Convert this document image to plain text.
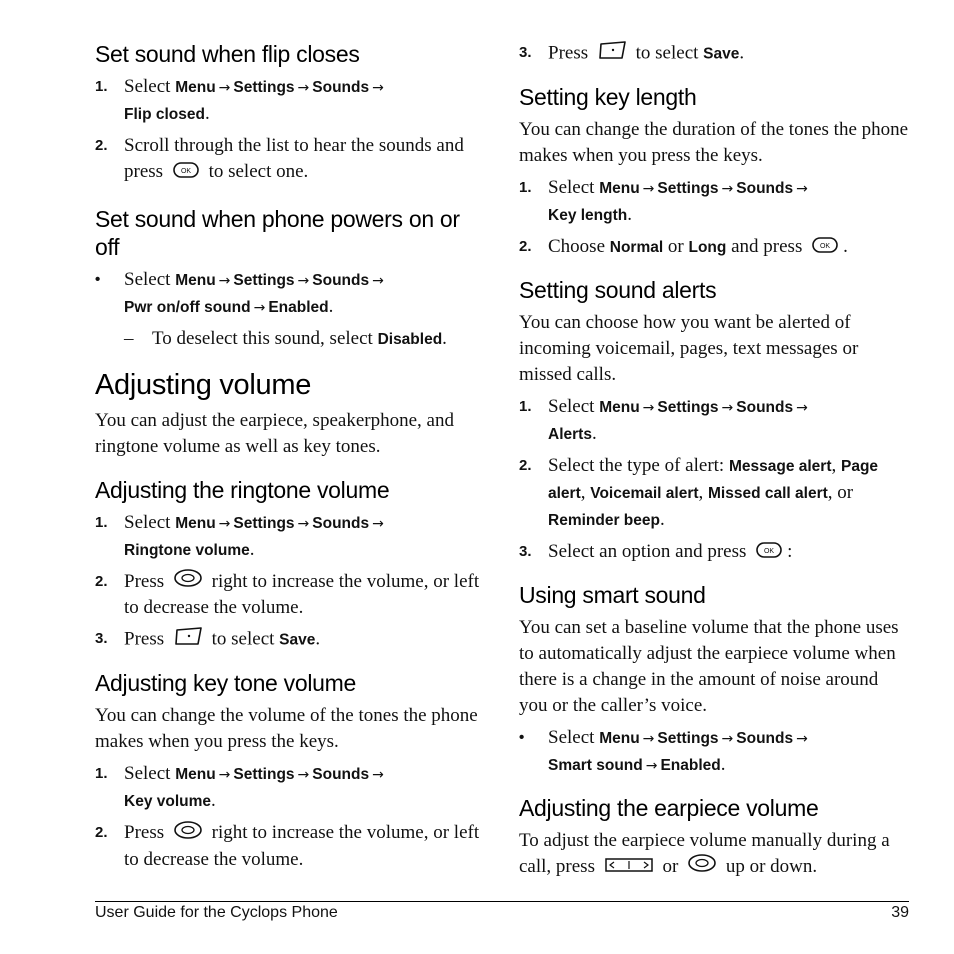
Set sound when flip closes
1. Select Menu → Settings → Sounds →
Flip closed.
2. Scroll through the list to hear the sounds and press	OK to select one.
Set sound when phone powers on or off
• Select Menu → Settings → Sounds →
Pwr on/off sound → Enabled.
– To deselect this sound, select Disabled.
Adjusting volume

You can adjust the earpiece, speakerphone, and ringtone volume as well as key tones.

Adjusting the ringtone volume
1. Select Menu → Settings → Sounds →
Ringtone volume.
2. Press	right to increase the volume, or left to decrease the volume.
3. Press	to select Save.
Adjusting key tone volume

You can change the volume of the tones the phone makes when you press the keys.

1. Select Menu → Settings → Sounds →
Key volume.
2. Press	right to increase the volume, or left to decrease the volume.
3. Press	to select Save.
Setting key length

You can change the duration of the tones the phone makes when you press the keys.

1. Select Menu → Settings → Sounds →
Key length.
2. Choose Normal or Long and press	OK .
Setting sound alerts

You can choose how you want be alerted of incoming voicemail, pages, text messages or missed calls.

1. Select Menu → Settings → Sounds →
Alerts.
2. Select the type of alert: Message alert, Page alert, Voicemail alert, Missed call alert, or Reminder beep.
3. Select an option and press	OK :
Using smart sound

You can set a baseline volume that the phone uses to automatically adjust the earpiece volume when there is a change in the amount of noise around you or the caller’s voice.

• Select Menu → Settings → Sounds →
Smart sound → Enabled.
Adjusting the earpiece volume

To adjust the earpiece volume manually during a call, press	or	up or down.

User Guide for the Cyclops Phone	39
